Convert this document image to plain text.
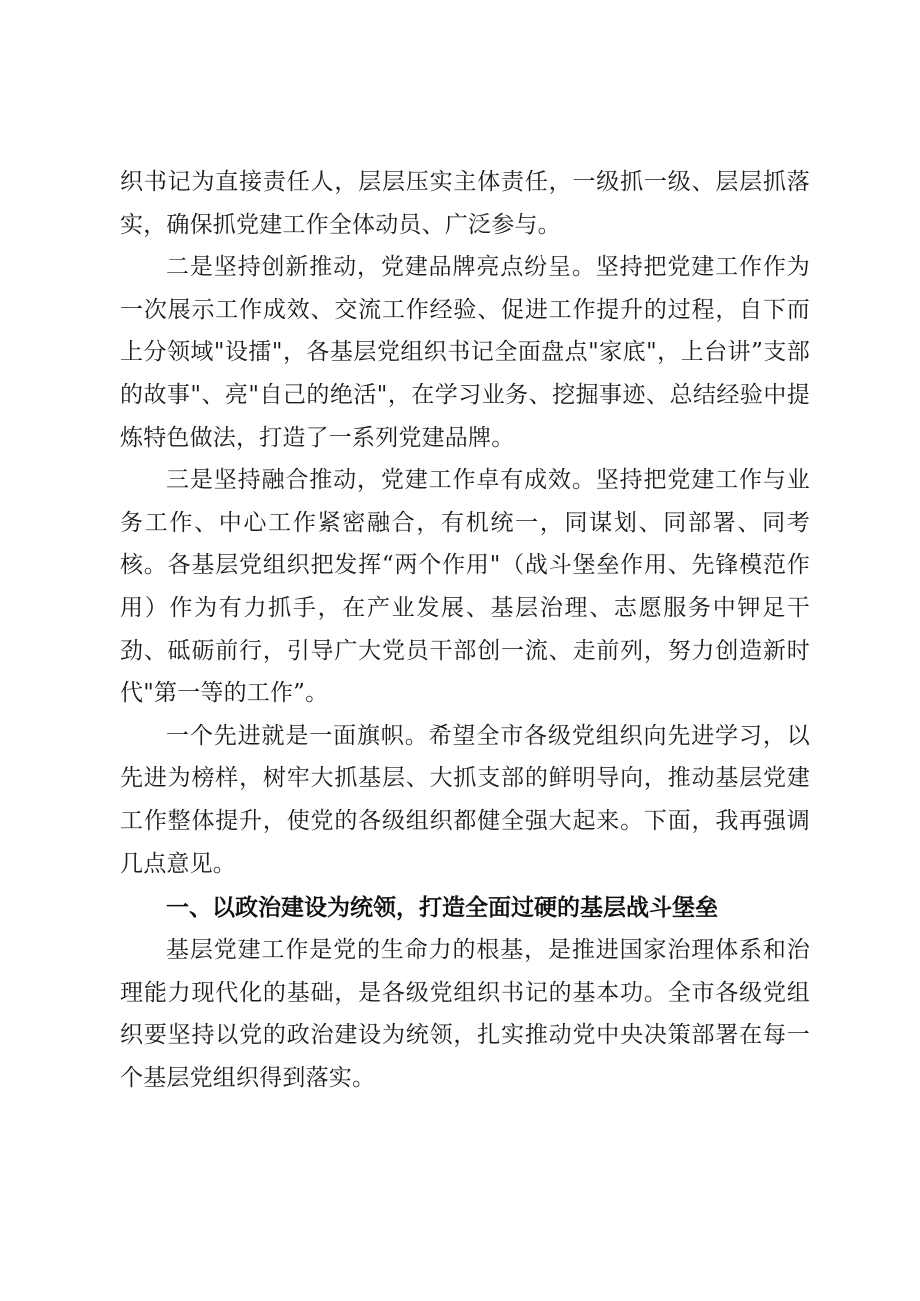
织书记为直接责任人，层层压实主体责任，一级抓一级、层层抓落实，确保抓党建工作全体动员、广泛参与。

二是坚持创新推动，党建品牌亮点纷呈。坚持把党建工作作为一次展示工作成效、交流工作经验、促进工作提升的过程，自下而上分领域"设擂"，各基层党组织书记全面盘点"家底"，上台讲”支部的故事"、亮"自己的绝活"，在学习业务、挖掘事迹、总结经验中提炼特色做法，打造了一系列党建品牌。

三是坚持融合推动，党建工作卓有成效。坚持把党建工作与业务工作、中心工作紧密融合，有机统一，同谋划、同部署、同考核。各基层党组织把发挥“两个作用"（战斗堡垒作用、先锋模范作用）作为有力抓手，在产业发展、基层治理、志愿服务中钾足干劲、砥砺前行，引导广大党员干部创一流、走前列，努力创造新时代"第一等的工作”。

一个先进就是一面旗帜。希望全市各级党组织向先进学习，以先进为榜样，树牢大抓基层、大抓支部的鲜明导向，推动基层党建工作整体提升，使党的各级组织都健全强大起来。下面，我再强调几点意见。

一、以政治建设为统领，打造全面过硬的基层战斗堡垒

基层党建工作是党的生命力的根基，是推进国家治理体系和治理能力现代化的基础，是各级党组织书记的基本功。全市各级党组织要坚持以党的政治建设为统领，扎实推动党中央决策部署在每一个基层党组织得到落实。
